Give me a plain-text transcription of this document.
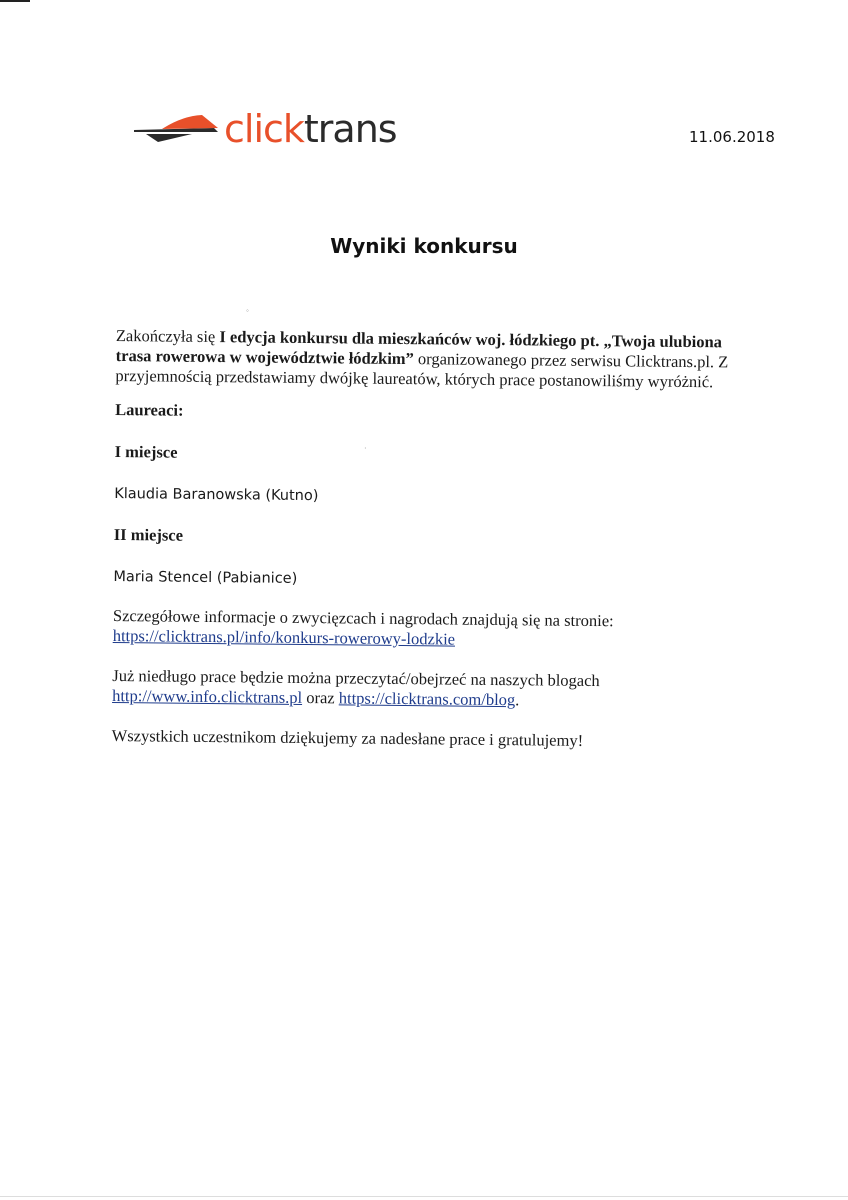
clicktrans	11.06.2018
Wyniki konkursu

Zakończyła się I edycja konkursu dla mieszkańców woj. łódzkiego pt. „Twoja ulubiona trasa rowerowa w województwie łódzkim” organizowanego przez serwisu Clicktrans.pl. Z przyjemnością przedstawiamy dwójkę laureatów, których prace postanowiliśmy wyróżnić.

Laureaci:

I miejsce

Klaudia Baranowska (Kutno)

II miejsce

Maria Stencel (Pabianice)

Szczegółowe informacje o zwycięzcach i nagrodach znajdują się na stronie:
https://clicktrans.pl/info/konkurs-rowerowy-lodzkie

Już niedługo prace będzie można przeczytać/obejrzeć na naszych blogach
http://www.info.clicktrans.pl oraz https://clicktrans.com/blog.

Wszystkich uczestnikom dziękujemy za nadesłane prace i gratulujemy!

◦
·
